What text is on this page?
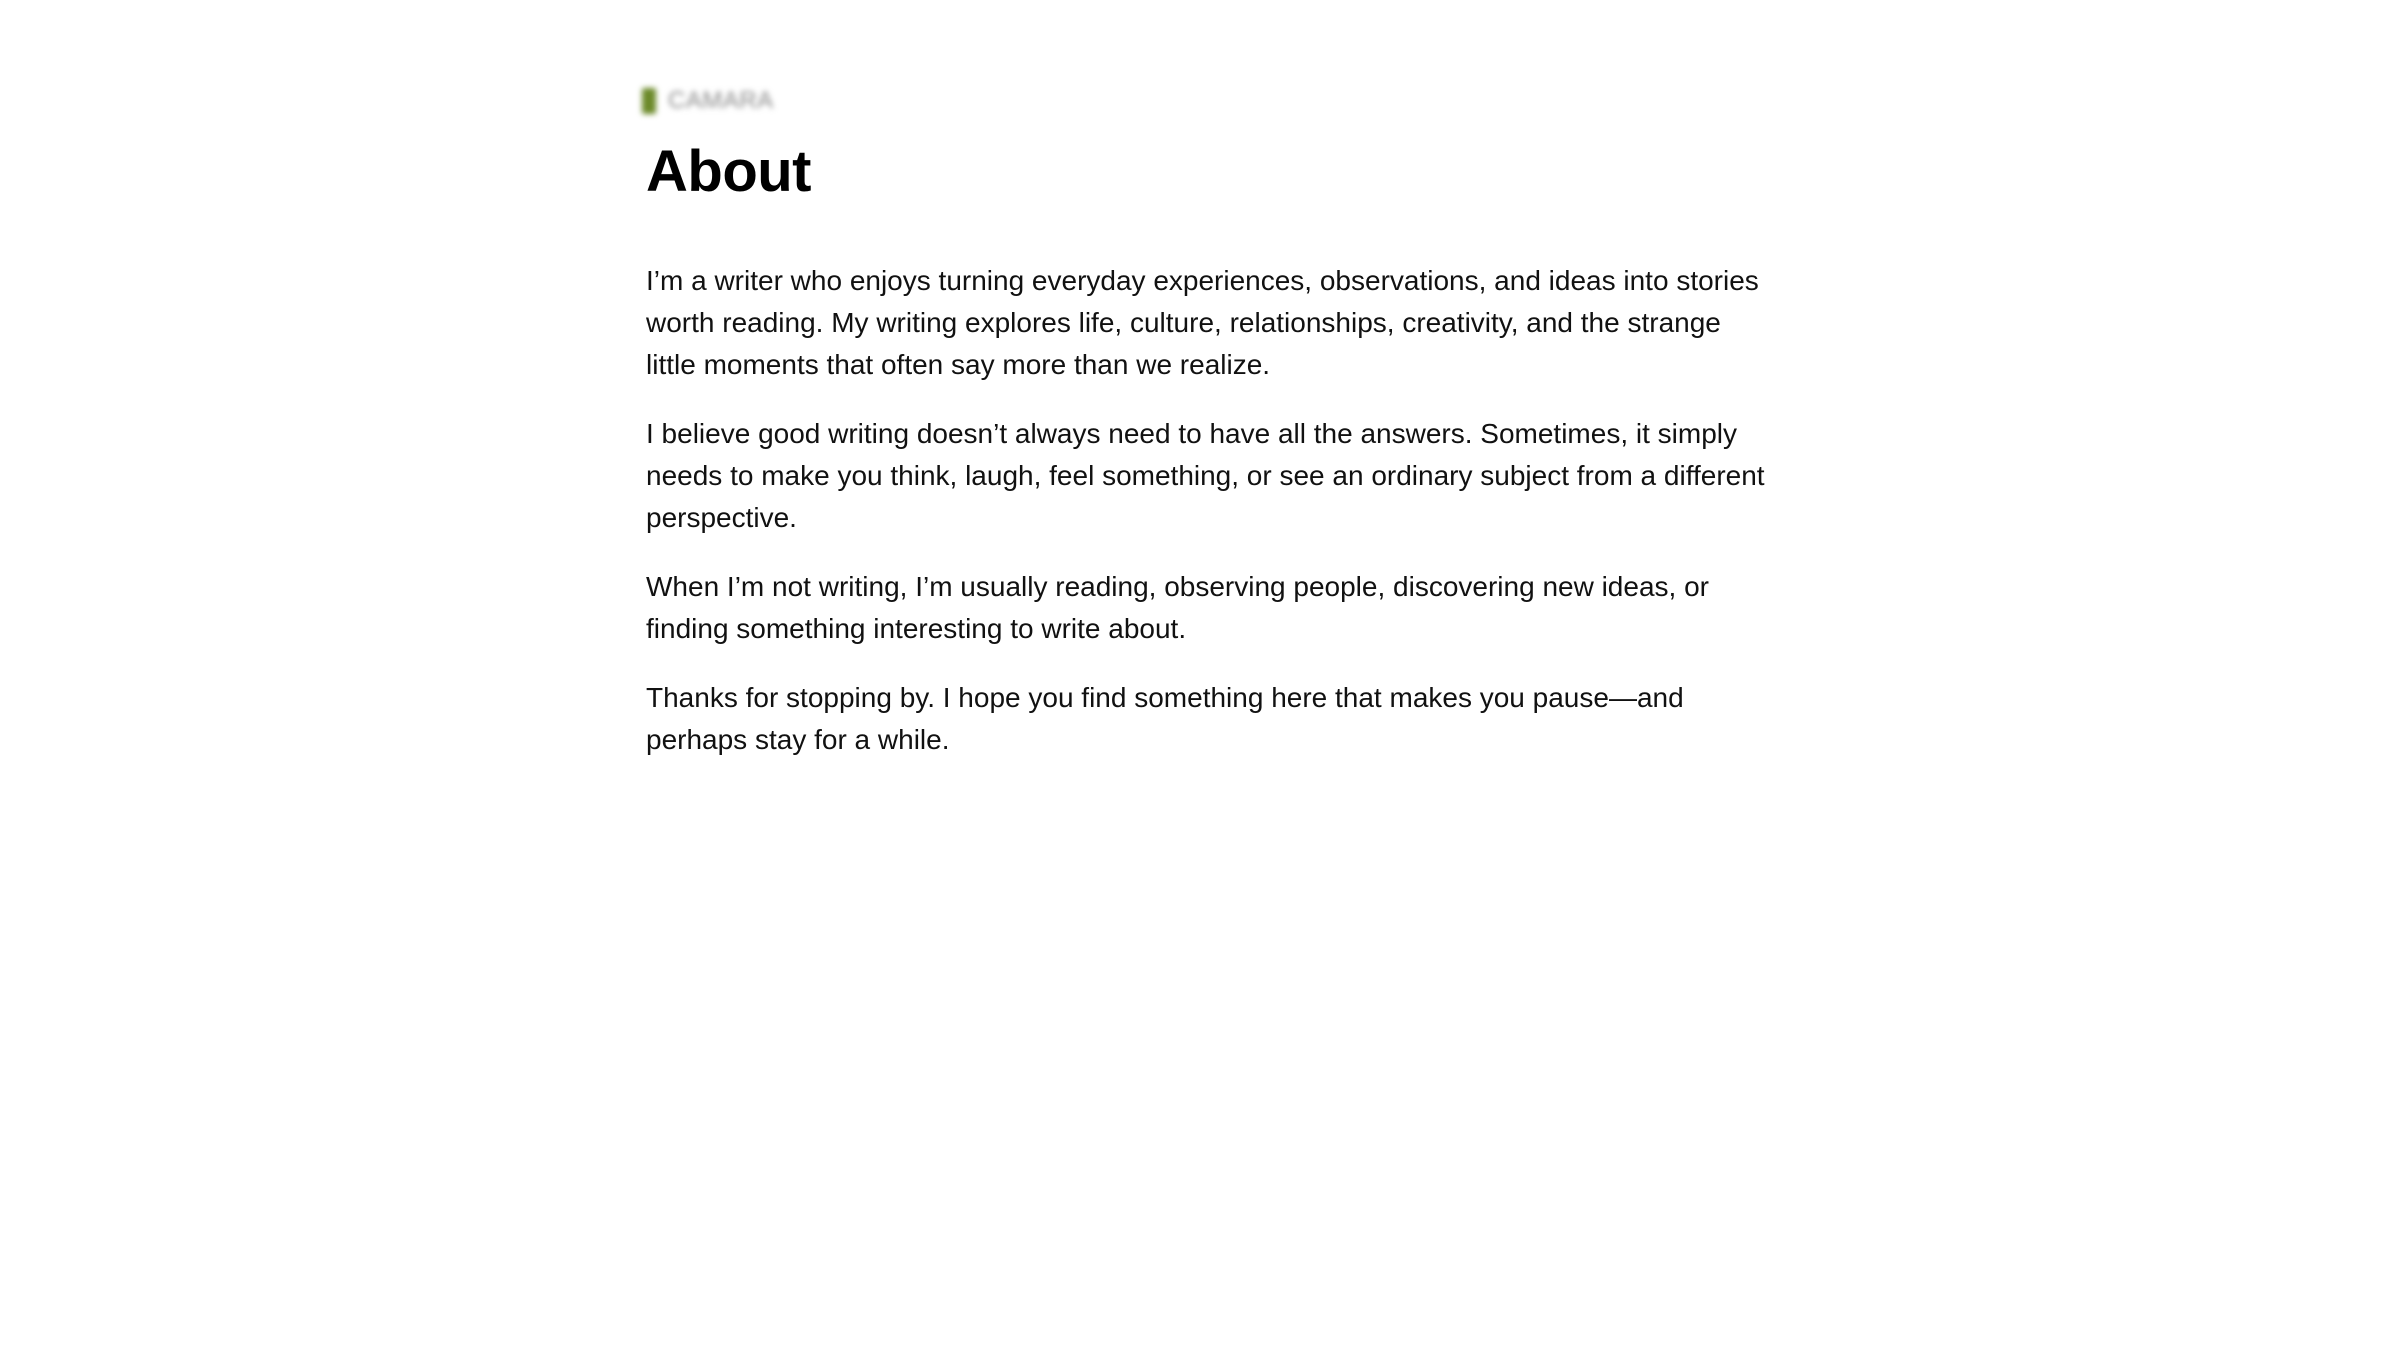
CAMARA
About

I’m a writer who enjoys turning everyday experiences, observations, and ideas into stories worth reading. My writing explores life, culture, relationships, creativity, and the strange little moments that often say more than we realize.

I believe good writing doesn’t always need to have all the answers. Sometimes, it simply needs to make you think, laugh, feel something, or see an ordinary subject from a different perspective.

When I’m not writing, I’m usually reading, observing people, discovering new ideas, or finding something interesting to write about.

Thanks for stopping by. I hope you find something here that makes you pause—and perhaps stay for a while.
